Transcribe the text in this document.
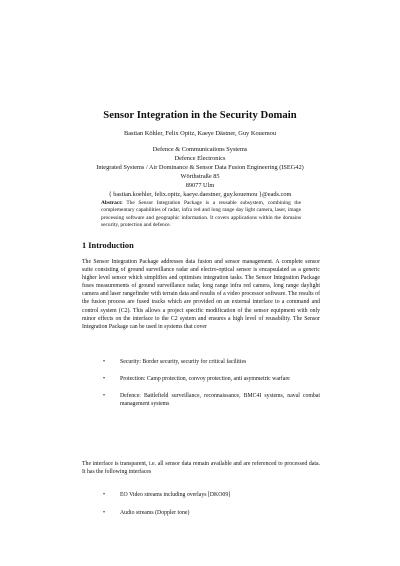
Sensor Integration in the Security Domain
Bastian Köhler, Felix Opitz, Kaeye Dästner, Guy Kouemou
Defence & Communications Systems
Defence Electronics
Integrated Systems / Air Dominance & Sensor Data Fusion Engineering (ISEG42)
Wörthstraße 85
89077 Ulm
{ bastian.koehler, felix.opitz, kaeye.daestner, guy.kouemou }@eads.com
Abstract: The Sensor Integration Package is a reusable subsystem, combining the complementary capabilities of radar, infra red and long range day light camera, laser, image processing software and geographic information. It covers applications within the domains security, protection and defence.
1 Introduction
The Sensor Integration Package addresses data fusion and sensor management. A complete sensor suite consisting of ground surveillance radar and electro-optical sensor is encapsulated as a generic higher level sensor which simplifies and optimises integration tasks. The Sensor Integration Package fuses measurements of ground surveillance radar, long range infra red camera, long range daylight camera and laser rangefinder with terrain data and results of a video processor software. The results of the fusion process are fused tracks which are provided on an external interface to a command and control system (C2). This allows a project specific modification of the sensor equipment with only minor effects on the interface to the C2 system and ensures a high level of reusability. The Sensor Integration Package can be used in systems that cover
•	Security: Border security, security for critical facilities
•	Protection: Camp protection, convoy protection, anti asymmetric warfare
•	Defence: Battlefield surveillance, reconnaissance, BMC4I systems, naval combat management systems
The interface is transparent, i.e. all sensor data remain available and are referenced to processed data. It has the following interfaces
•	EO Video streams including overlays [DKO09]
•	Audio streams (Doppler tone)
